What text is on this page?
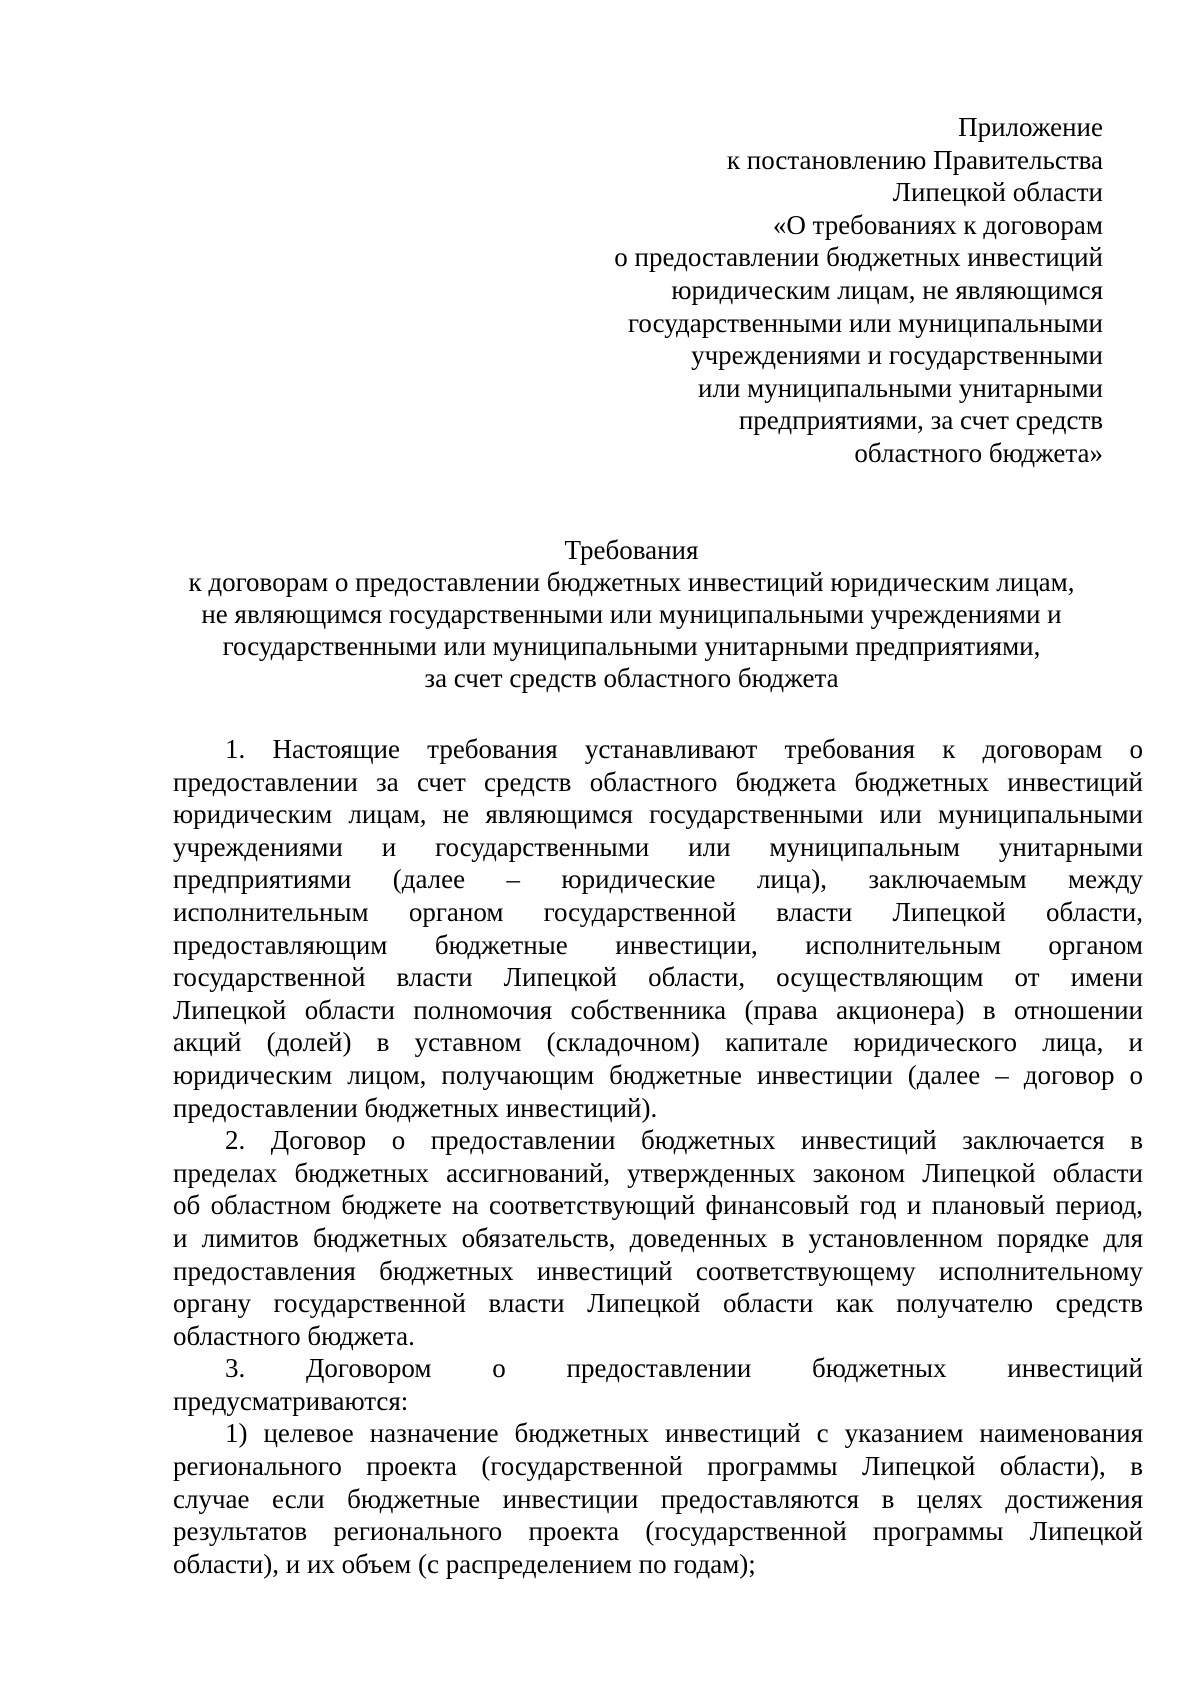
Приложение
к постановлению Правительства
Липецкой области
«О требованиях к договорам
о предоставлении бюджетных инвестиций
юридическим лицам, не являющимся
государственными или муниципальными
учреждениями и государственными
или муниципальными унитарными
предприятиями, за счет средств
областного бюджета»
Требования
к договорам о предоставлении бюджетных инвестиций юридическим лицам,
не являющимся государственными или муниципальными учреждениями и
государственными или муниципальными унитарными предприятиями,
за счет средств областного бюджета
1. Настоящие требования устанавливают требования к договорам о
предоставлении за счет средств областного бюджета бюджетных инвестиций
юридическим лицам, не являющимся государственными или муниципальными
учреждениями и государственными или муниципальным унитарными
предприятиями (далее – юридические лица), заключаемым между
исполнительным органом государственной власти Липецкой области,
предоставляющим бюджетные инвестиции, исполнительным органом
государственной власти Липецкой области, осуществляющим от имени
Липецкой области полномочия собственника (права акционера) в отношении
акций (долей) в уставном (складочном) капитале юридического лица, и
юридическим лицом, получающим бюджетные инвестиции (далее – договор о
предоставлении бюджетных инвестиций).
2. Договор о предоставлении бюджетных инвестиций заключается в
пределах бюджетных ассигнований, утвержденных законом Липецкой области
об областном бюджете на соответствующий финансовый год и плановый период,
и лимитов бюджетных обязательств, доведенных в установленном порядке для
предоставления бюджетных инвестиций соответствующему исполнительному
органу государственной власти Липецкой области как получателю средств
областного бюджета.
3. Договором о предоставлении бюджетных инвестиций
предусматриваются:
1) целевое назначение бюджетных инвестиций с указанием наименования
регионального проекта (государственной программы Липецкой области), в
случае если бюджетные инвестиции предоставляются в целях достижения
результатов регионального проекта (государственной программы Липецкой
области), и их объем (с распределением по годам);
